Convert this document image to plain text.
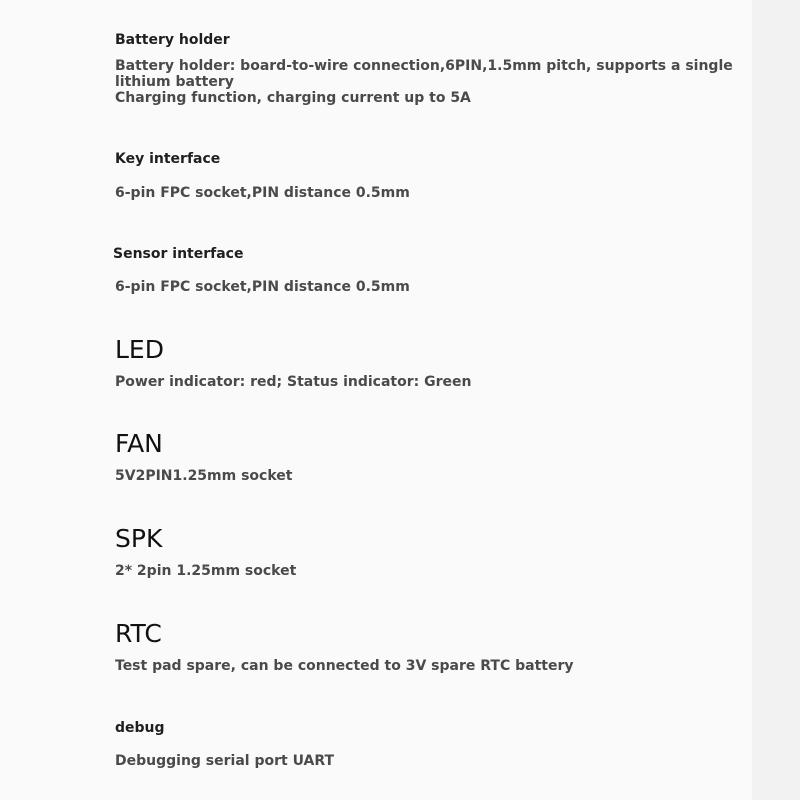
Battery holder

Battery holder: board-to-wire connection,6PIN,1.5mm pitch, supports a single

lithium battery

Charging function, charging current up to 5A

Key interface

6-pin FPC socket,PIN distance 0.5mm

Sensor interface

6-pin FPC socket,PIN distance 0.5mm

LED

Power indicator: red; Status indicator: Green

FAN

5V2PIN1.25mm socket

SPK

2* 2pin 1.25mm socket

RTC

Test pad spare, can be connected to 3V spare RTC battery

debug

Debugging serial port UART
